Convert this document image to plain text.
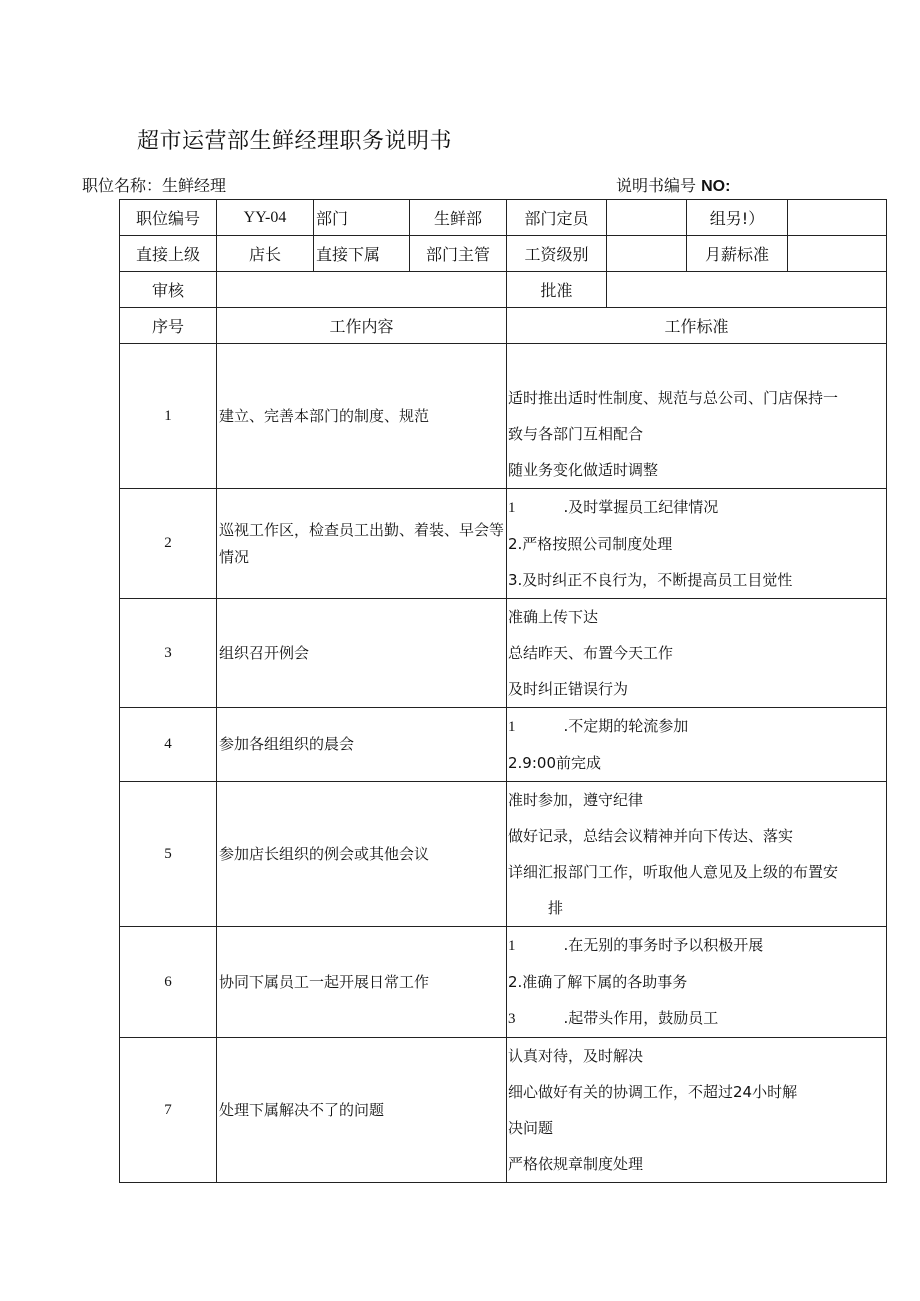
超市运营部生鲜经理职务说明书
职位名称：生鲜经理	说明书编号 NO:
职位编号	YY-04	部门	生鲜部	部门定员		组另!）	
直接上级	店长	直接下属	部门主管	工资级别		月薪标准	
审核				批准			
序号	工作内容			工作标准			
1	建立、完善本部门的制度、规范			适时推出适时性制度、规范与总公司、门店保持一
致与各部门互相配合
随业务变化做适时调整			

2	巡视工作区，检查员工出勤、着装、早会等情况			1 .及时掌握员工纪律情况
2.严格按照公司制度处理
3.及时纠正不良行为，不断提高员工目觉性			

3	组织召开例会			准确上传下达
总结昨天、布置今天工作
及时纠正错误行为			

4	参加各组组织的晨会			1 .不定期的轮流参加
2.9:00前完成			

5	参加店长组织的例会或其他会议			准时参加，遵守纪律
做好记录，总结会议精神并向下传达、落实
详细汇报部门工作，听取他人意见及上级的布置安
排			

6	协同下属员工一起开展日常工作			1 .在无别的事务时予以积极开展
2.准确了解下属的各助事务
3 .起带头作用，鼓励员工			

7	处理下属解决不了的问题			认真对待，及时解决
细心做好有关的协调工作，不超过24小时解
决问题
严格依规章制度处理			
